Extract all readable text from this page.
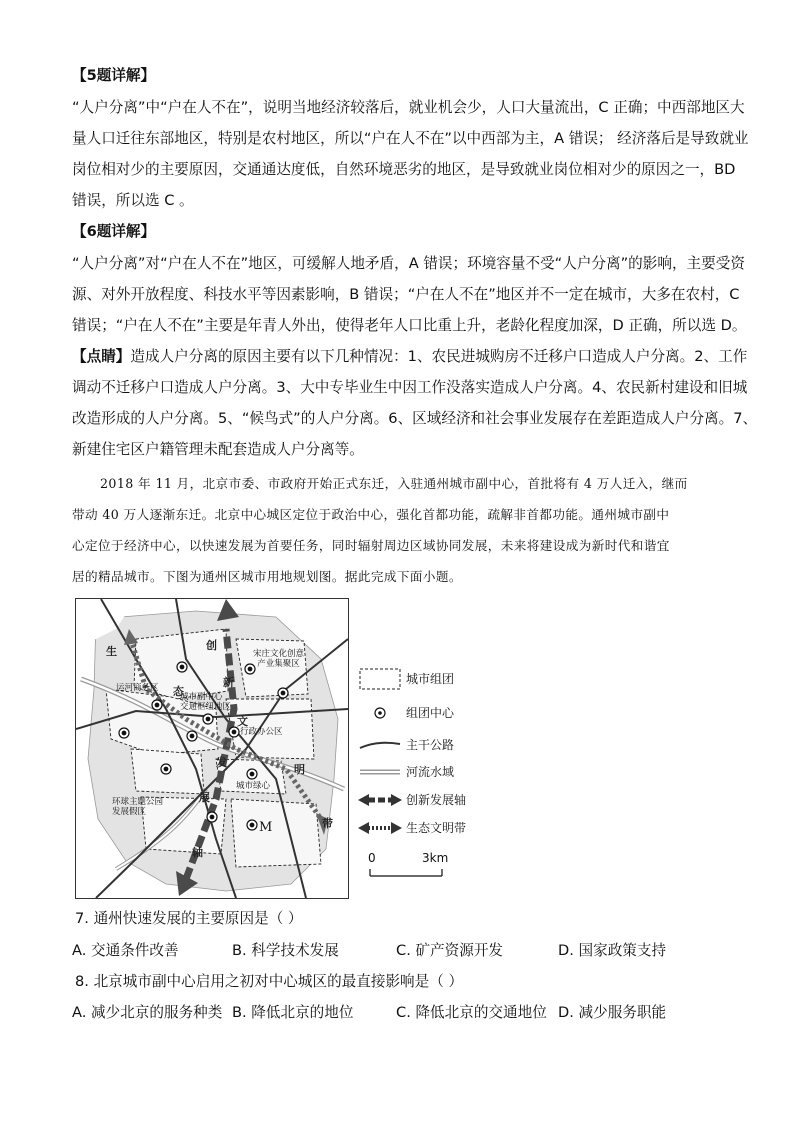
【5题详解】
“人户分离”中“户在人不在”，说明当地经济较落后，就业机会少，人口大量流出，C 正确；中西部地区大
量人口迁往东部地区，特别是农村地区，所以“户在人不在”以中西部为主，A 错误； 经济落后是导致就业
岗位相对少的主要原因，交通通达度低，自然环境恶劣的地区，是导致就业岗位相对少的原因之一，BD
错误，所以选 C 。
【6题详解】
“人户分离”对“户在人不在”地区，可缓解人地矛盾，A 错误；环境容量不受“人户分离”的影响，主要受资
源、对外开放程度、科技水平等因素影响，B 错误；“户在人不在”地区并不一定在城市，大多在农村，C
错误；“户在人不在”主要是年青人外出，使得老年人口比重上升，老龄化程度加深，D 正确，所以选 D。
【点睛】造成人户分离的原因主要有以下几种情况：1、农民进城购房不迁移户口造成人户分离。2、工作
调动不迁移户口造成人户分离。3、大中专毕业生中因工作没落实造成人户分离。4、农民新村建设和旧城
改造形成的人户分离。5、“候鸟式”的人户分离。6、区域经济和社会事业发展存在差距造成人户分离。7、
新建住宅区户籍管理未配套造成人户分离等。
2018 年 11 月，北京市委、市政府开始正式东迁，入驻通州城市副中心，首批将有 4 万人迁入，继而
带动 40 万人逐渐东迁。北京中心城区定位于政治中心，强化首都功能，疏解非首都功能。通州城市副中
心定位于经济中心，以快速发展为首要任务，同时辐射周边区域协同发展，未来将建设成为新时代和谐宜
居的精品城市。下图为通州区城市用地规划图。据此完成下面小题。
宋庄文化创意
产业集聚区
运河商务区
城市副中心
交通枢纽地区
行政办公区
城市绿心
环球主题公园
发展假区
M
创
新
发
展
轴
生
态
文
明
带
城市组团
组团中心
主干公路
河流水域
创新发展轴
生态文明带
0	3km
7. 通州快速发展的主要原因是（ ）
A. 交通条件改善	B. 科学技术发展	C. 矿产资源开发	D. 国家政策支持
8. 北京城市副中心启用之初对中心城区的最直接影响是（ ）
A. 减少北京的服务种类 B. 降低北京的地位	C. 降低北京的交通地位 D. 减少服务职能
